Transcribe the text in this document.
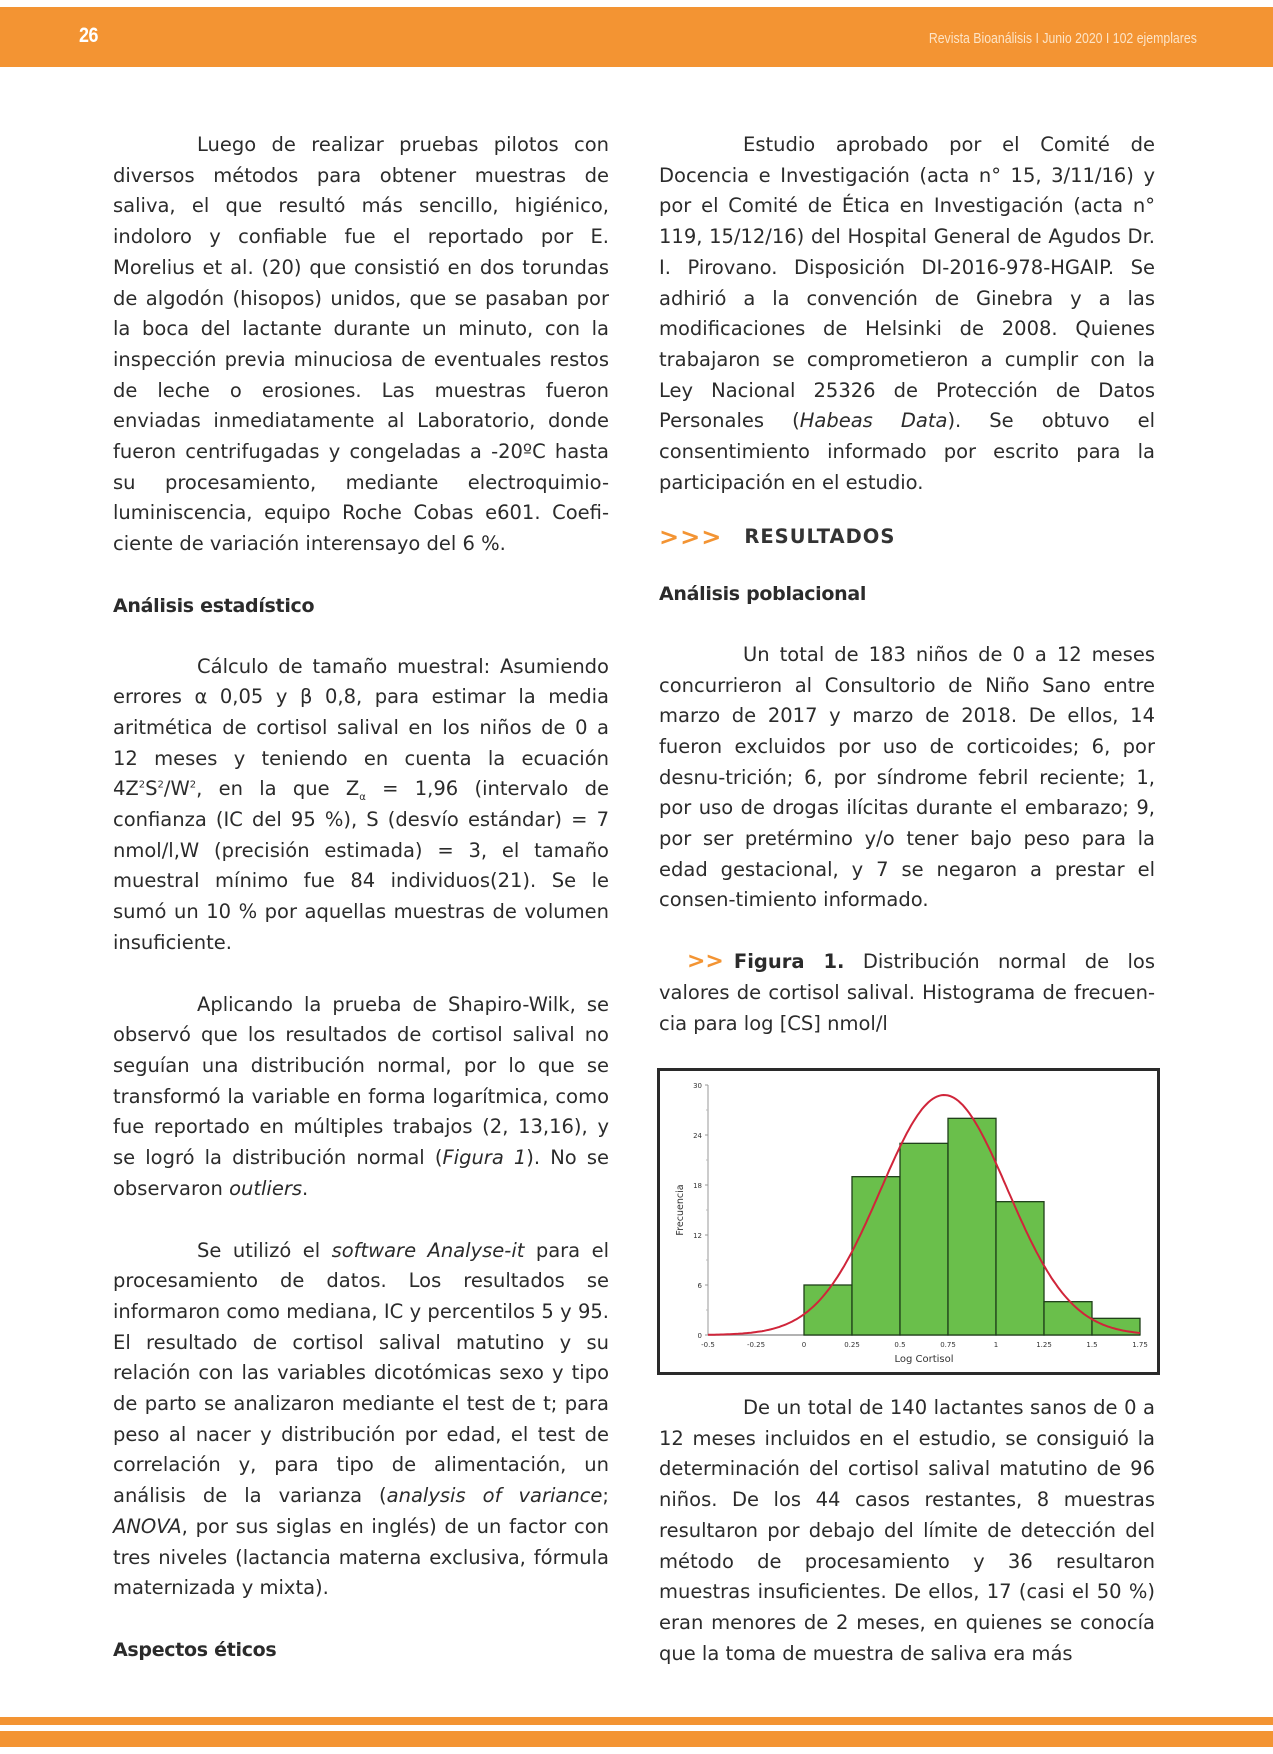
26	Revista Bioanálisis I Junio 2020 I 102 ejemplares

Luego de realizar pruebas pilotos con diversos métodos para obtener muestras de saliva, el que resultó más sencillo, higiénico, indoloro y confiable fue el reportado por E. Morelius et al. (20) que consistió en dos torundas de algodón (hisopos) unidos, que se pasaban por la boca del lactante durante un minuto, con la inspección previa minuciosa de eventuales restos de leche o erosiones. Las muestras fueron enviadas inmediatamente al Laboratorio, donde fueron centrifugadas y congeladas a -20ºC hasta su procesamiento, mediante electroquimio-luminiscencia, equipo Roche Cobas e601. Coefi-ciente de variación interensayo del 6 %.

Análisis estadístico

Cálculo de tamaño muestral: Asumiendo errores α 0,05 y β 0,8, para estimar la media aritmética de cortisol salival en los niños de 0 a 12 meses y teniendo en cuenta la ecuación $4Z^2S^2/W^2$, en la que $Z_\alpha = 1,96$ (intervalo de confianza (IC del 95 %), S (desvío estándar) = 7 nmol/l,W (precisión estimada) = 3, el tamaño muestral mínimo fue 84 individuos(21). Se le sumó un 10 % por aquellas muestras de volumen insuficiente.

Aplicando la prueba de Shapiro-Wilk, se observó que los resultados de cortisol salival no seguían una distribución normal, por lo que se transformó la variable en forma logarítmica, como fue reportado en múltiples trabajos (2, 13,16), y se logró la distribución normal (Figura 1). No se observaron outliers.

Se utilizó el software Analyse-it para el procesamiento de datos. Los resultados se informaron como mediana, IC y percentilos 5 y 95. El resultado de cortisol salival matutino y su relación con las variables dicotómicas sexo y tipo de parto se analizaron mediante el test de t; para peso al nacer y distribución por edad, el test de correlación y, para tipo de alimentación, un análisis de la varianza (analysis of variance; ANOVA, por sus siglas en inglés) de un factor con tres niveles (lactancia materna exclusiva, fórmula maternizada y mixta).

Aspectos éticos

Estudio aprobado por el Comité de Docencia e Investigación (acta n° 15, 3/11/16) y por el Comité de Ética en Investigación (acta n° 119, 15/12/16) del Hospital General de Agudos Dr. I. Pirovano. Disposición DI-2016-978-HGAIP. Se adhirió a la convención de Ginebra y a las modificaciones de Helsinki de 2008. Quienes trabajaron se comprometieron a cumplir con la Ley Nacional 25326 de Protección de Datos Personales (Habeas Data). Se obtuvo el consentimiento informado por escrito para la participación en el estudio.

>>> RESULTADOS

Análisis poblacional

Un total de 183 niños de 0 a 12 meses concurrieron al Consultorio de Niño Sano entre marzo de 2017 y marzo de 2018. De ellos, 14 fueron excluidos por uso de corticoides; 6, por desnu-trición; 6, por síndrome febril reciente; 1, por uso de drogas ilícitas durante el embarazo; 9, por ser pretérmino y/o tener bajo peso para la edad gestacional, y 7 se negaron a prestar el consen-timiento informado.

>> Figura 1. Distribución normal de los valores de cortisol salival. Histograma de frecuen-cia para log [CS] nmol/l

0
6
12
18
24
30
-0.5	-0.25	0	0.25	0.5	0.75	1	1.25	1.5	1.75
Log Cortisol
Frecuencia

De un total de 140 lactantes sanos de 0 a 12 meses incluidos en el estudio, se consiguió la determinación del cortisol salival matutino de 96 niños. De los 44 casos restantes, 8 muestras resultaron por debajo del límite de detección del método de procesamiento y 36 resultaron muestras insuficientes. De ellos, 17 (casi el 50 %) eran menores de 2 meses, en quienes se conocía que la toma de muestra de saliva era más
